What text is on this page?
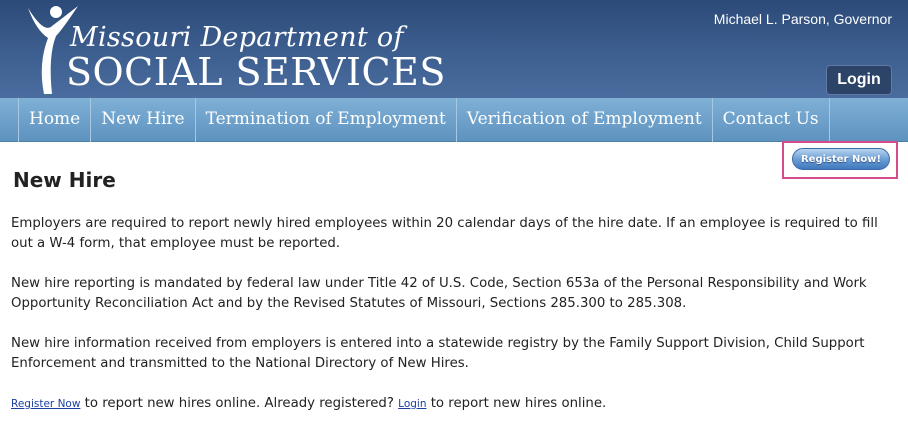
Missouri Department of
SOCIAL SERVICES
Michael L. Parson, Governor
Login
Home	New Hire	Termination of Employment	Verification of Employment	Contact Us
Register Now!
New Hire

Employers are required to report newly hired employees within 20 calendar days of the hire date. If an employee is required to fill out a W-4 form, that employee must be reported.

New hire reporting is mandated by federal law under Title 42 of U.S. Code, Section 653a of the Personal Responsibility and Work Opportunity Reconciliation Act and by the Revised Statutes of Missouri, Sections 285.300 to 285.308.

New hire information received from employers is entered into a statewide registry by the Family Support Division, Child Support Enforcement and transmitted to the National Directory of New Hires.

Register Now to report new hires online. Already registered? Login to report new hires online.
